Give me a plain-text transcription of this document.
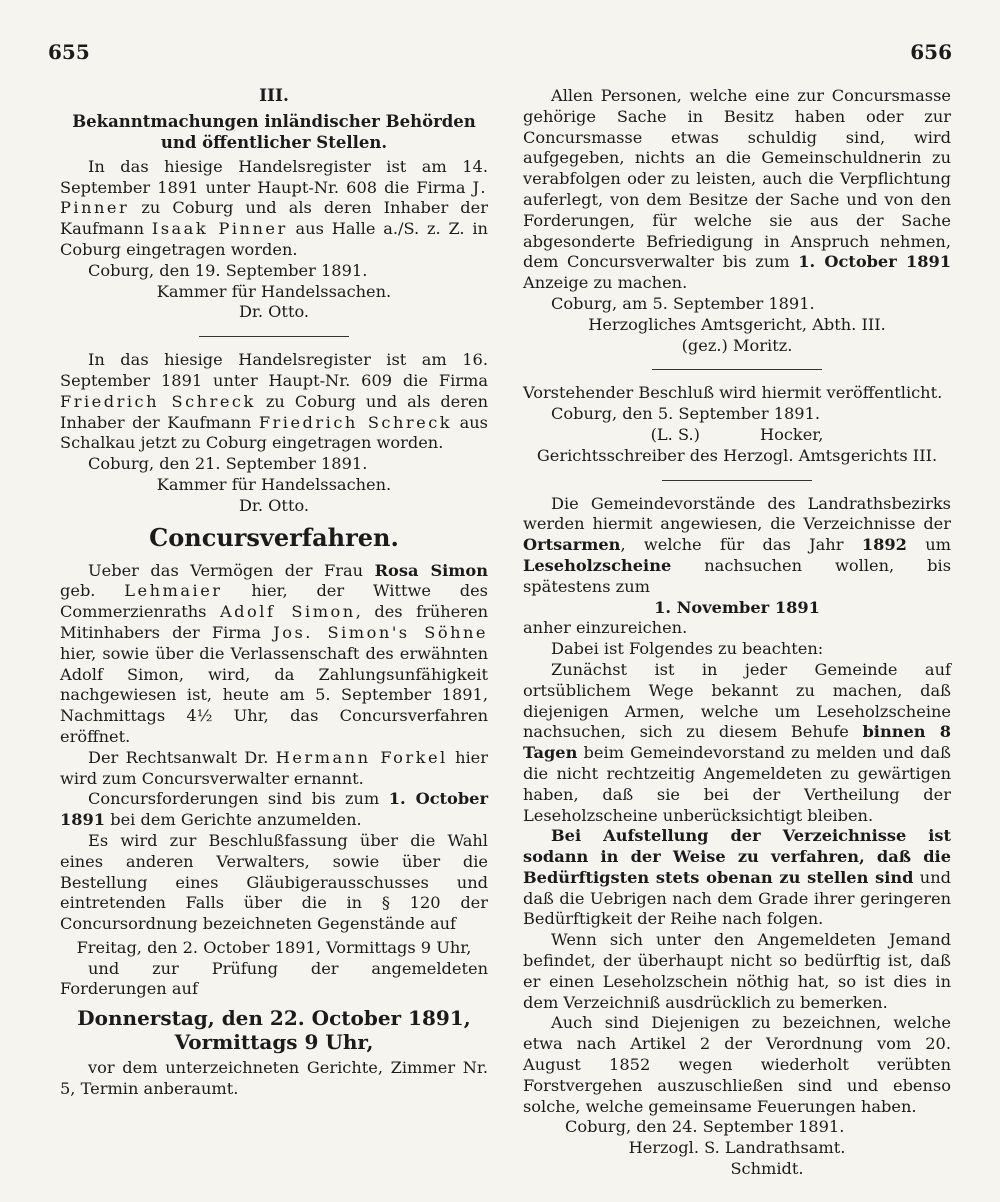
655	656
III.
Bekanntmachungen inländischer Behörden und öffentlicher Stellen.

In das hiesige Handelsregister ist am 14. September 1891 unter Haupt-Nr. 608 die Firma J. Pinner zu Coburg und als deren Inhaber der Kaufmann Isaak Pinner aus Halle a./S. z. Z. in Coburg eingetragen worden.

Coburg, den 19. September 1891.

Kammer für Handelssachen.

Dr. Otto.

In das hiesige Handelsregister ist am 16. September 1891 unter Haupt-Nr. 609 die Firma Friedrich Schreck zu Coburg und als deren Inhaber der Kaufmann Friedrich Schreck aus Schalkau jetzt zu Coburg eingetragen worden.

Coburg, den 21. September 1891.

Kammer für Handelssachen.

Dr. Otto.

Concursverfahren.

Ueber das Vermögen der Frau Rosa Simon geb. Lehmaier hier, der Wittwe des Commerzienraths Adolf Simon, des früheren Mitinhabers der Firma Jos. Simon's Söhne hier, sowie über die Verlassenschaft des erwähnten Adolf Simon, wird, da Zahlungsunfähigkeit nachgewiesen ist, heute am 5. September 1891, Nachmittags 4½ Uhr, das Concursverfahren eröffnet.

Der Rechtsanwalt Dr. Hermann Forkel hier wird zum Concursverwalter ernannt.

Concursforderungen sind bis zum 1. October 1891 bei dem Gerichte anzumelden.

Es wird zur Beschlußfassung über die Wahl eines anderen Verwalters, sowie über die Bestellung eines Gläubigerausschusses und eintretenden Falls über die in § 120 der Concursordnung bezeichneten Gegenstände auf

Freitag, den 2. October 1891, Vormittags 9 Uhr,

und zur Prüfung der angemeldeten Forderungen auf

Donnerstag, den 22. October 1891,
Vormittags 9 Uhr,

vor dem unterzeichneten Gerichte, Zimmer Nr. 5, Termin anberaumt.

Allen Personen, welche eine zur Concursmasse gehörige Sache in Besitz haben oder zur Concursmasse etwas schuldig sind, wird aufgegeben, nichts an die Gemeinschuldnerin zu verabfolgen oder zu leisten, auch die Verpflichtung auferlegt, von dem Besitze der Sache und von den Forderungen, für welche sie aus der Sache abgesonderte Befriedigung in Anspruch nehmen, dem Concursverwalter bis zum 1. October 1891 Anzeige zu machen.

Coburg, am 5. September 1891.

Herzogliches Amtsgericht, Abth. III.

(gez.) Moritz.

Vorstehender Beschluß wird hiermit veröffentlicht.

Coburg, den 5. September 1891.

(L. S.)	Hocker,

Gerichtsschreiber des Herzogl. Amtsgerichts III.

Die Gemeindevorstände des Landrathsbezirks werden hiermit angewiesen, die Verzeichnisse der Ortsarmen, welche für das Jahr 1892 um Leseholzscheine nachsuchen wollen, bis spätestens zum

1. November 1891

anher einzureichen.

Dabei ist Folgendes zu beachten:

Zunächst ist in jeder Gemeinde auf ortsüblichem Wege bekannt zu machen, daß diejenigen Armen, welche um Leseholzscheine nachsuchen, sich zu diesem Behufe binnen 8 Tagen beim Gemeindevorstand zu melden und daß die nicht rechtzeitig Angemeldeten zu gewärtigen haben, daß sie bei der Vertheilung der Leseholzscheine unberücksichtigt bleiben.

Bei Aufstellung der Verzeichnisse ist sodann in der Weise zu verfahren, daß die Bedürftigsten stets obenan zu stellen sind und daß die Uebrigen nach dem Grade ihrer geringeren Bedürftigkeit der Reihe nach folgen.

Wenn sich unter den Angemeldeten Jemand befindet, der überhaupt nicht so bedürftig ist, daß er einen Leseholzschein nöthig hat, so ist dies in dem Verzeichniß ausdrücklich zu bemerken.

Auch sind Diejenigen zu bezeichnen, welche etwa nach Artikel 2 der Verordnung vom 20. August 1852 wegen wiederholt verübten Forstvergehen auszuschließen sind und ebenso solche, welche gemeinsame Feuerungen haben.

Coburg, den 24. September 1891.

Herzogl. S. Landrathsamt.

Schmidt.
